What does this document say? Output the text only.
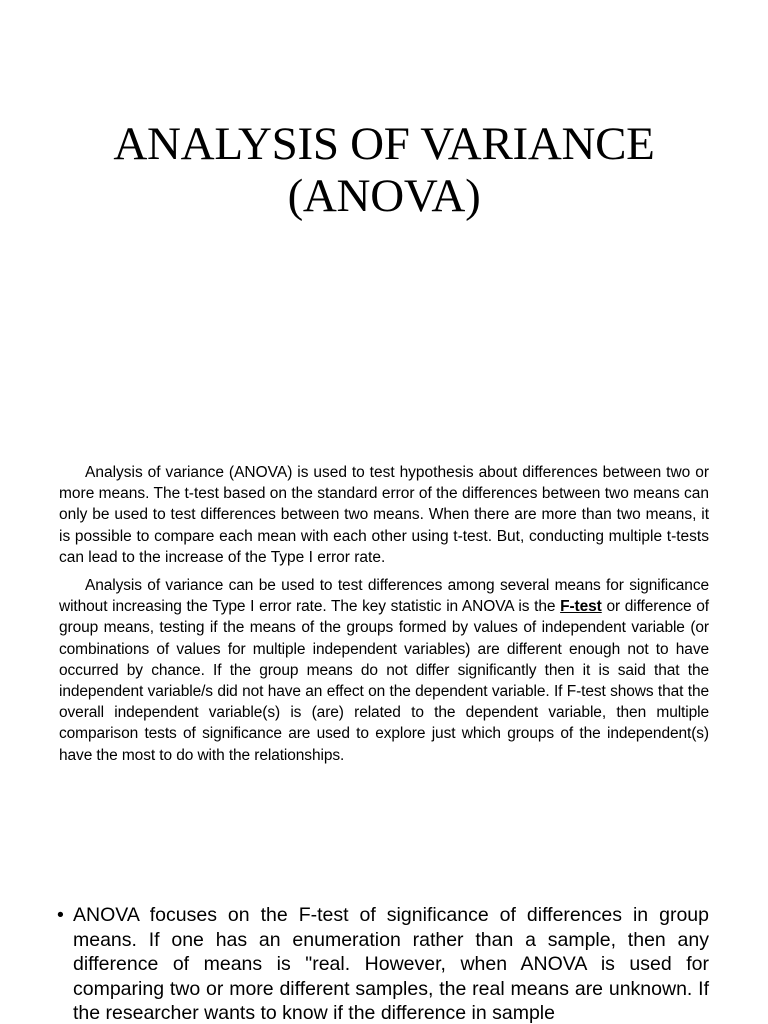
ANALYSIS OF VARIANCE
(ANOVA)

Analysis of variance (ANOVA) is used to test hypothesis about differences between two or more means. The t-test based on the standard error of the differences between two means can only be used to test differences between two means. When there are more than two means, it is possible to compare each mean with each other using t-test. But, conducting multiple t-tests can lead to the increase of the Type I error rate.

Analysis of variance can be used to test differences among several means for significance without increasing the Type I error rate. The key statistic in ANOVA is the F-test or difference of group means, testing if the means of the groups formed by values of independent variable (or combinations of values for multiple independent variables) are different enough not to have occurred by chance. If the group means do not differ significantly then it is said that the independent variable/s did not have an effect on the dependent variable. If F-test shows that the overall independent variable(s) is (are) related to the dependent variable, then multiple comparison tests of significance are used to explore just which groups of the independent(s) have the most to do with the relationships.

• ANOVA focuses on the F-test of significance of differences in group means. If one has an enumeration rather than a sample, then any difference of means is "real. However, when ANOVA is used for comparing two or more different samples, the real means are unknown. If the researcher wants to know if the difference in sample
